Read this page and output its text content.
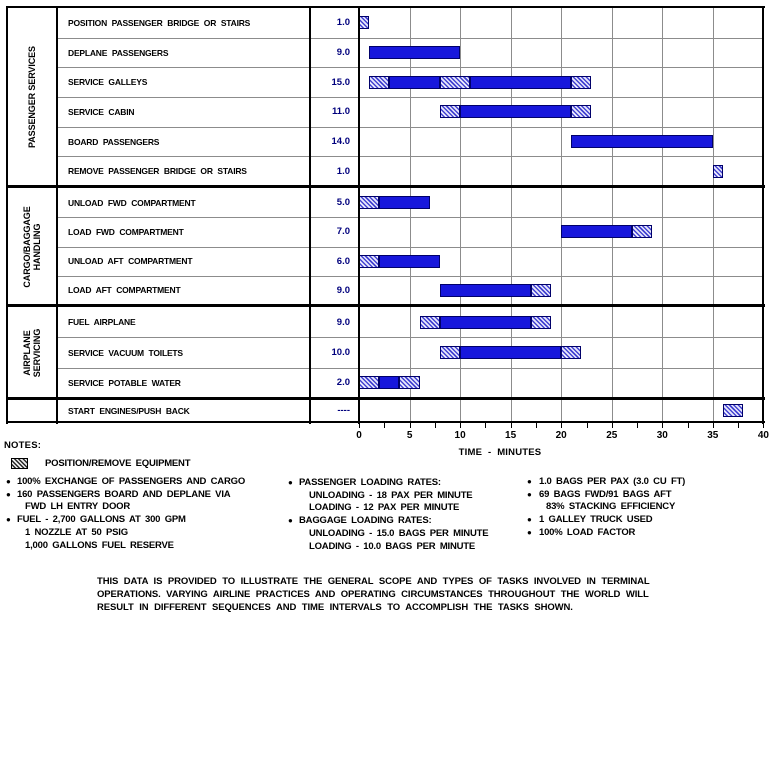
POSITION PASSENGER BRIDGE OR STAIRS	1.0
DEPLANE PASSENGERS	9.0
SERVICE GALLEYS	15.0
SERVICE CABIN	11.0
BOARD PASSENGERS	14.0
REMOVE PASSENGER BRIDGE OR STAIRS	1.0
PASSENGER SERVICES
UNLOAD FWD COMPARTMENT	5.0
LOAD FWD COMPARTMENT	7.0
UNLOAD AFT COMPARTMENT	6.0
LOAD AFT COMPARTMENT	9.0
CARGO/BAGGAGE HANDLING
FUEL AIRPLANE	9.0
SERVICE VACUUM TOILETS	10.0
SERVICE POTABLE WATER	2.0
AIRPLANE SERVICING
START ENGINES/PUSH BACK	----
TIME - MINUTES
0	5	10	15	20	25	30	35	40
NOTES:
POSITION/REMOVE EQUIPMENT
● 100% EXCHANGE OF PASSENGERS AND CARGO
● 160 PASSENGERS BOARD AND DEPLANE VIA
FWD LH ENTRY DOOR
● FUEL - 2,700 GALLONS AT 300 GPM
1 NOZZLE AT 50 PSIG
1,000 GALLONS FUEL RESERVE
● PASSENGER LOADING RATES:
UNLOADING - 18 PAX PER MINUTE
LOADING - 12 PAX PER MINUTE
● BAGGAGE LOADING RATES:
UNLOADING - 15.0 BAGS PER MINUTE
LOADING - 10.0 BAGS PER MINUTE
● 1.0 BAGS PER PAX (3.0 CU FT)
● 69 BAGS FWD/91 BAGS AFT
83% STACKING EFFICIENCY
● 1 GALLEY TRUCK USED
● 100% LOAD FACTOR
THIS DATA IS PROVIDED TO ILLUSTRATE THE GENERAL SCOPE AND TYPES OF TASKS INVOLVED IN TERMINAL
OPERATIONS. VARYING AIRLINE PRACTICES AND OPERATING CIRCUMSTANCES THROUGHOUT THE WORLD WILL
RESULT IN DIFFERENT SEQUENCES AND TIME INTERVALS TO ACCOMPLISH THE TASKS SHOWN.
